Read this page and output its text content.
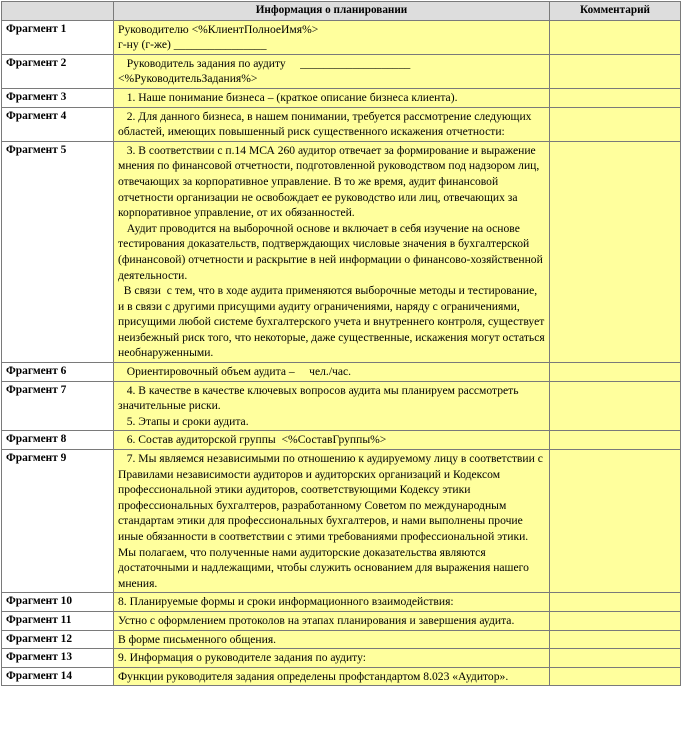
	Информация о планировании	Комментарий
Фрагмент 1	Руководителю <%КлиентПолноеИмя%>
г-ну (г-же) ________________	

Фрагмент 2	Руководитель задания по аудиту     ___________________
<%РуководительЗадания%>	

Фрагмент 3	1. Наше понимание бизнеса – (краткое описание бизнеса клиента).	

Фрагмент 4	2. Для данного бизнеса, в нашем понимании, требуется рассмотрение следующих областей, имеющих повышенный риск существенного искажения отчетности:	

Фрагмент 5	3. В соответствии с п.14 МСА 260 аудитор отвечает за формирование и выражение мнения по финансовой отчетности, подготовленной руководством под надзором лиц, отвечающих за корпоративное управление. В то же время, аудит финансовой отчетности организации не освобождает ее руководство или лиц, отвечающих за корпоративное управление, от их обязанностей.
Аудит проводится на выборочной основе и включает в себя изучение на основе тестирования доказательств, подтверждающих числовые значения в бухгалтерской (финансовой) отчетности и раскрытие в ней информации о финансово-хозяйственной деятельности.
В связи  с тем, что в ходе аудита применяются выборочные методы и тестирование, и в связи с другими присущими аудиту ограничениями, наряду с ограничениями, присущими любой системе бухгалтерского учета и внутреннего контроля, существует неизбежный риск того, что некоторые, даже существенные, искажения могут остаться необнаруженными.	

Фрагмент 6	Ориентировочный объем аудита –     чел./час.	

Фрагмент 7	4. В качестве в качестве ключевых вопросов аудита мы планируем рассмотреть значительные риски.
5. Этапы и сроки аудита.	

Фрагмент 8	6. Состав аудиторской группы  <%СоставГруппы%>	

Фрагмент 9	7. Мы являемся независимыми по отношению к аудируемому лицу в соответствии с Правилами независимости аудиторов и аудиторских организаций и Кодексом профессиональной этики аудиторов, соответствующими Кодексу этики профессиональных бухгалтеров, разработанному Советом по международным стандартам этики для профессиональных бухгалтеров, и нами выполнены прочие иные обязанности в соответствии с этими требованиями профессиональной этики. Мы полагаем, что полученные нами аудиторские доказательства являются достаточными и надлежащими, чтобы служить основанием для выражения нашего мнения.	

Фрагмент 10	8. Планируемые формы и сроки информационного взаимодействия:	

Фрагмент 11	Устно с оформлением протоколов на этапах планирования и завершения аудита.	

Фрагмент 12	В форме письменного общения.	

Фрагмент 13	9. Информация о руководителе задания по аудиту:	

Фрагмент 14	Функции руководителя задания определены профстандартом 8.023 «Аудитор».	
